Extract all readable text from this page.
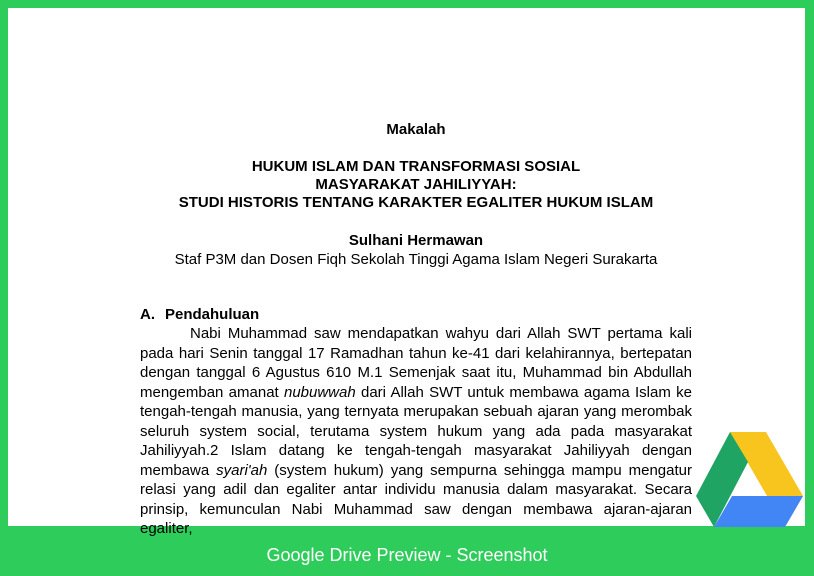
Makalah
HUKUM ISLAM DAN TRANSFORMASI SOSIAL
MASYARAKAT JAHILIYYAH:
STUDI HISTORIS TENTANG KARAKTER EGALITER HUKUM ISLAM
Sulhani Hermawan
Staf P3M dan Dosen Fiqh Sekolah Tinggi Agama Islam Negeri Surakarta
A. Pendahuluan
Nabi Muhammad saw mendapatkan wahyu dari Allah SWT pertama kali pada hari Senin tanggal 17 Ramadhan tahun ke-41 dari kelahirannya, bertepatan dengan tanggal 6 Agustus 610 M.1 Semenjak saat itu, Muhammad bin Abdullah mengemban amanat nubuwwah dari Allah SWT untuk membawa agama Islam ke tengah-tengah manusia, yang ternyata merupakan sebuah ajaran yang merombak seluruh system social, terutama system hukum yang ada pada masyarakat Jahiliyyah.2 Islam datang ke tengah-tengah masyarakat Jahiliyyah dengan membawa syari'ah (system hukum) yang sempurna sehingga mampu mengatur relasi yang adil dan egaliter antar individu manusia dalam masyarakat. Secara prinsip, kemunculan Nabi Muhammad saw dengan membawa ajaran-ajaran egaliter,
Google Drive Preview - Screenshot
